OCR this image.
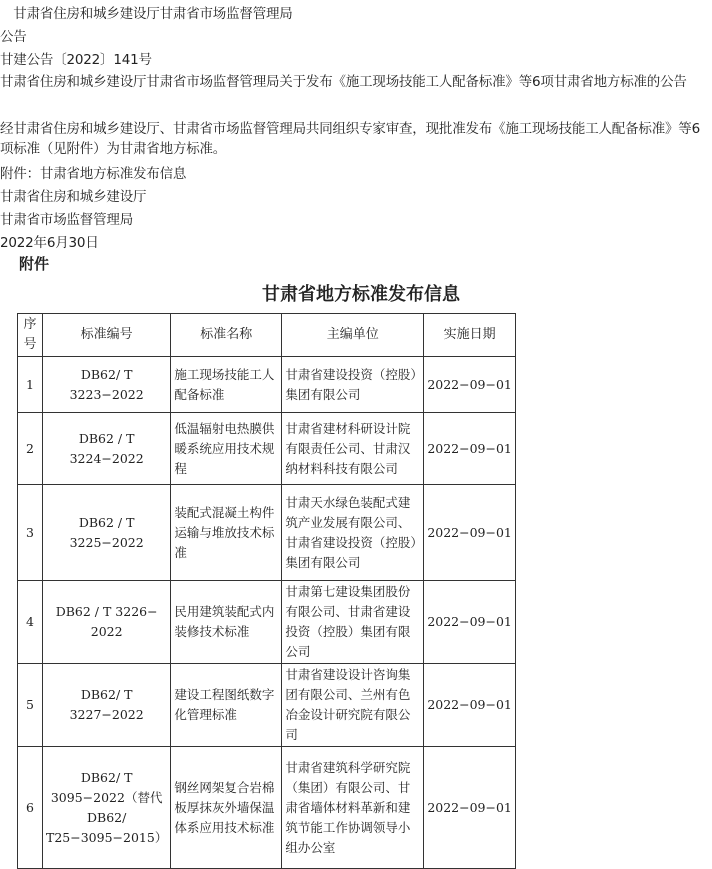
　甘肃省住房和城乡建设厅甘肃省市场监督管理局
公告
甘建公告〔2022〕141号
甘肃省住房和城乡建设厅甘肃省市场监督管理局关于发布《施工现场技能工人配备标准》等6项甘肃省地方标准的公告
经甘肃省住房和城乡建设厅、甘肃省市场监督管理局共同组织专家审查，现批准发布《施工现场技能工人配备标准》等6项标准（见附件）为甘肃省地方标准。
附件：甘肃省地方标准发布信息
甘肃省住房和城乡建设厅
甘肃省市场监督管理局
2022年6月30日
附件
甘肃省地方标准发布信息
序号	标准编号	标准名称	主编单位	实施日期
1	DB62/ T 3223−2022	施工现场技能工人配备标准	甘肃省建设投资（控股）集团有限公司	2022−09−01
2	DB62 / T 3224−2022	低温辐射电热膜供暖系统应用技术规程	甘肃省建材科研设计院有限责任公司、甘肃汉纳材料科技有限公司	2022−09−01
3	DB62 / T 3225−2022	装配式混凝土构件运输与堆放技术标准	甘肃天水绿色装配式建筑产业发展有限公司、甘肃省建设投资（控股）集团有限公司	2022−09−01
4	DB62 / T 3226− 2022	民用建筑装配式内装修技术标准	甘肃第七建设集团股份有限公司、甘肃省建设投资（控股）集团有限公司	2022−09−01
5	DB62/ T 3227−2022	建设工程图纸数字化管理标准	甘肃省建设设计咨询集团有限公司、兰州有色冶金设计研究院有限公司	2022−09−01
6	DB62/ T 3095−2022（替代 DB62/ T25−3095−2015）	钢丝网架复合岩棉板厚抹灰外墙保温体系应用技术标准	甘肃省建筑科学研究院（集团）有限公司、甘肃省墙体材料革新和建筑节能工作协调领导小组办公室	2022−09−01
